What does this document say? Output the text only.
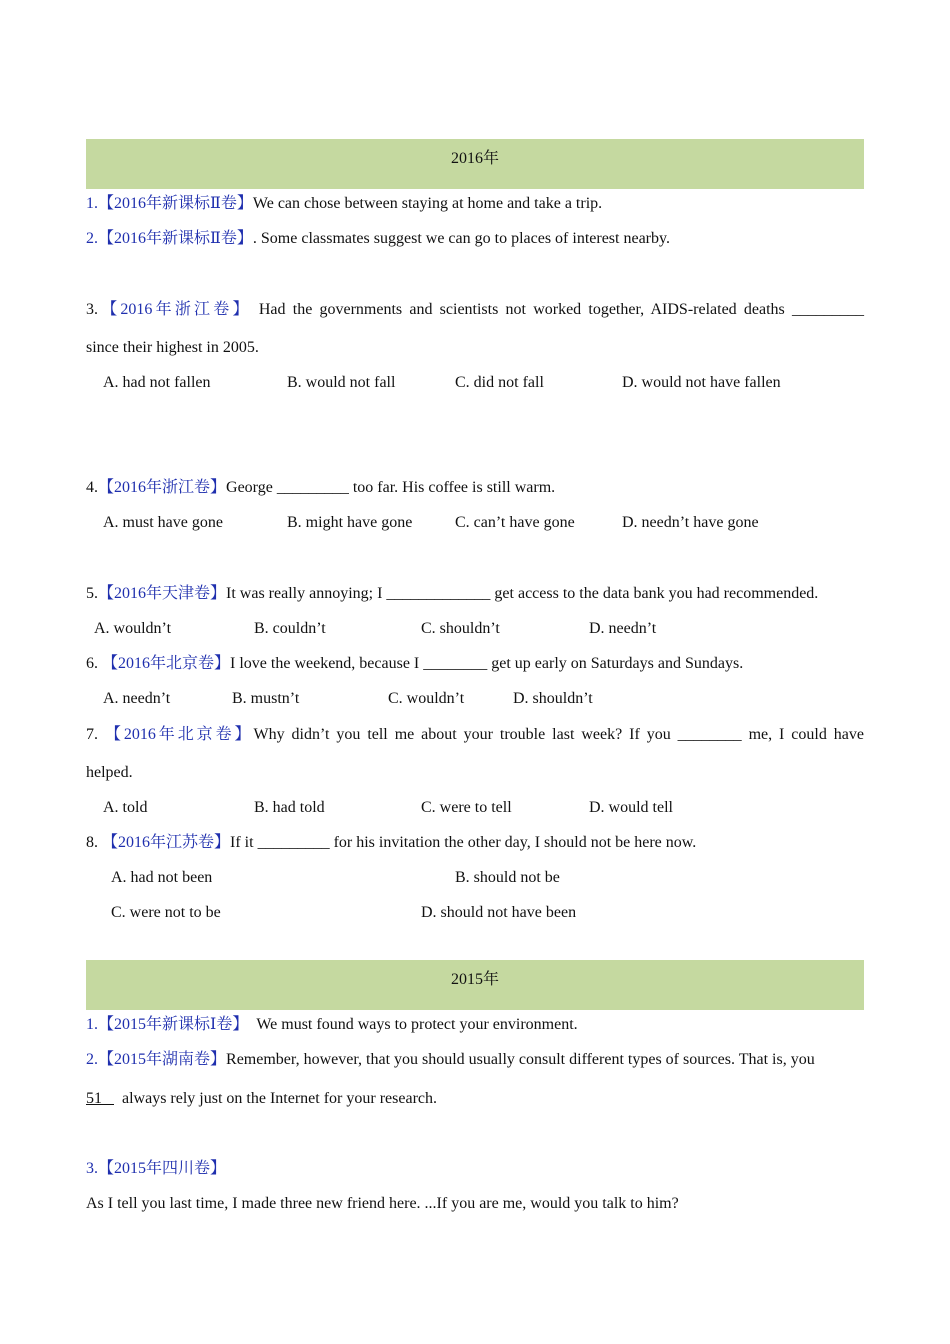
2016年
1.【2016年新课标Ⅱ卷】We can chose between staying at home and take a trip.
2.【2016年新课标Ⅱ卷】. Some classmates suggest we can go to places of interest nearby.
3.【2016年浙江卷】 Had the governments and scientists not worked together, AIDS-related deaths _________
since their highest in 2005.
A. had not fallen	B. would not fall	C. did not fall	D. would not have fallen
4.【2016年浙江卷】George _________ too far. His coffee is still warm.
A. must have gone	B. might have gone	C. can’t have gone	D. needn’t have gone
5.【2016年天津卷】It was really annoying; I _____________ get access to the data bank you had recommended.
A. wouldn’t	B. couldn’t	C. shouldn’t	D. needn’t
6. 【2016年北京卷】I love the weekend, because I ________ get up early on Saturdays and Sundays.
A. needn’t	B. mustn’t	C. wouldn’t	D. shouldn’t
7. 【2016年北京卷】Why didn’t you tell me about your trouble last week? If you ________ me, I could have
helped.
A. told	B. had told	C. were to tell	D. would tell
8. 【2016年江苏卷】If it _________ for his invitation the other day, I should not be here now.
A. had not been	B. should not be
C. were not to be	D. should not have been
2015年
1.【2015年新课标Ⅰ卷】  We must found ways to protect your environment.
2.【2015年湖南卷】Remember, however, that you should usually consult different types of sources. That is, you
51     always rely just on the Internet for your research.
3.【2015年四川卷】
As I tell you last time, I made three new friend here. ...If you are me, would you talk to him?
